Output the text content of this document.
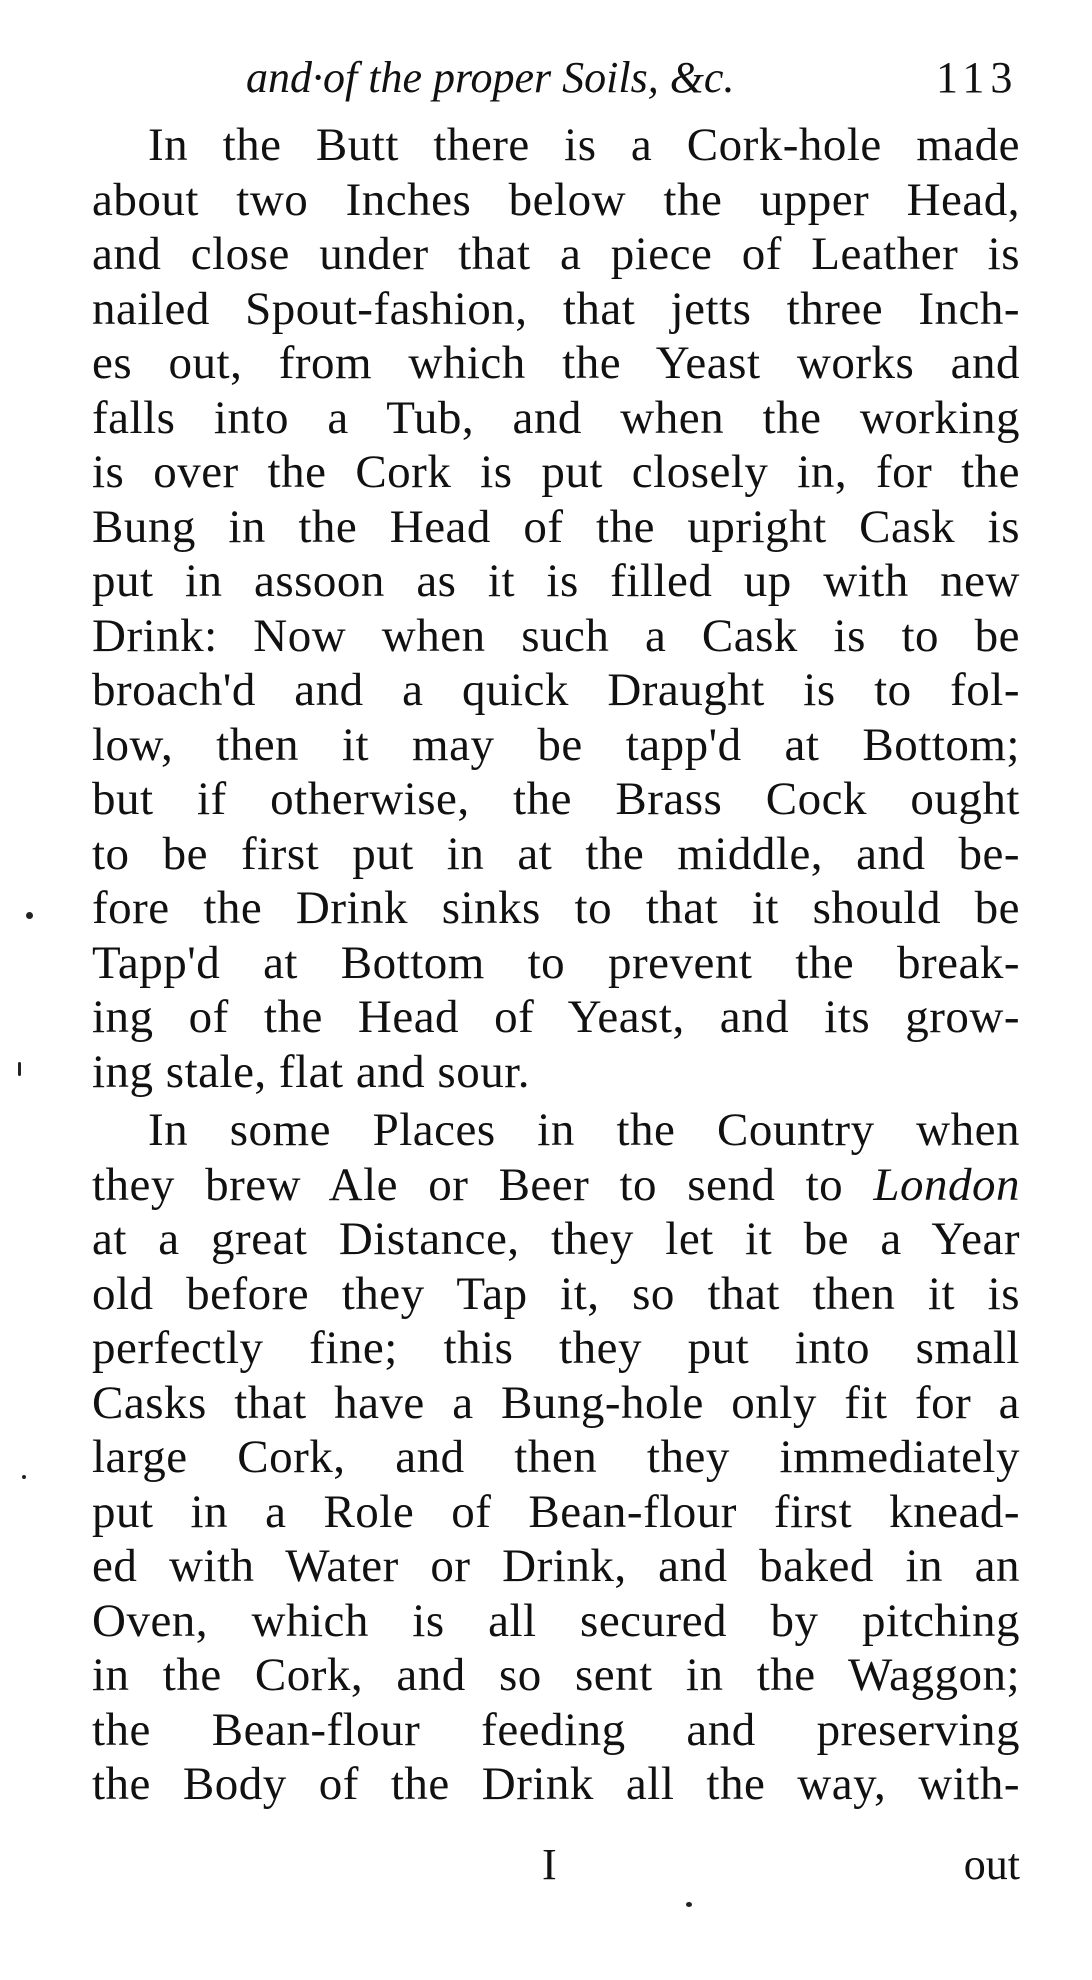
and·of the proper Soils, &c.	113
In the Butt there is a Cork-hole made
about two Inches below the upper Head,
and close under that a piece of Leather is
nailed Spout-fashion, that jetts three Inch-
es out, from which the Yeast works and
falls into a Tub, and when the working
is over the Cork is put closely in, for the
Bung in the Head of the upright Cask is
put in assoon as it is filled up with new
Drink: Now when such a Cask is to be
broach'd and a quick Draught is to fol-
low, then it may be tapp'd at Bottom;
but if otherwise, the Brass Cock ought
to be first put in at the middle, and be-
fore the Drink sinks to that it should be
Tapp'd at Bottom to prevent the break-
ing of the Head of Yeast, and its grow-
ing stale, flat and sour.
In some Places in the Country when
they brew Ale or Beer to send to London
at a great Distance, they let it be a Year
old before they Tap it, so that then it is
perfectly fine; this they put into small
Casks that have a Bung-hole only fit for a
large Cork, and then they immediately
put in a Role of Bean-flour first knead-
ed with Water or Drink, and baked in an
Oven, which is all secured by pitching
in the Cork, and so sent in the Waggon;
the Bean-flour feeding and preserving
the Body of the Drink all the way, with-
I	out
